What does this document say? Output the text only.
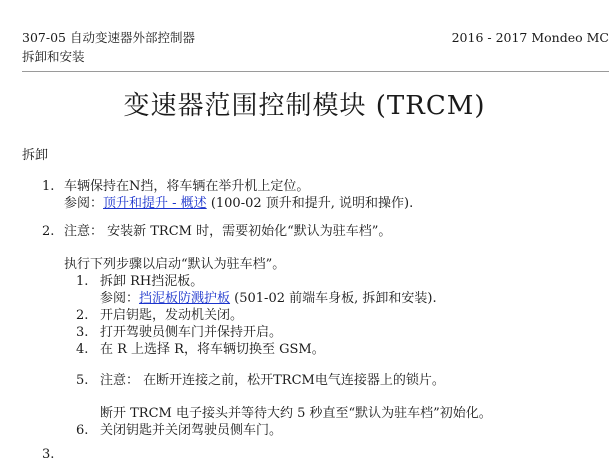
307-05 自动变速器外部控制器
拆卸和安装
2016 - 2017 Mondeo MC
变速器范围控制模块 (TRCM)
拆卸
1. 车辆保持在N挡，将车辆在举升机上定位。
参阅：顶升和提升 - 概述 (100-02 顶升和提升, 说明和操作).
2. 注意： 安装新 TRCM 时，需要初始化“默认为驻车档”。
执行下列步骤以启动“默认为驻车档”。
1. 拆卸 RH挡泥板。
参阅：挡泥板防溅护板 (501-02 前端车身板, 拆卸和安装).
2. 开启钥匙，发动机关闭。
3. 打开驾驶员侧车门并保持开启。
4. 在 R 上选择 R，将车辆切换至 GSM。
5. 注意： 在断开连接之前，松开TRCM电气连接器上的锁片。
断开 TRCM 电子接头并等待大约 5 秒直至“默认为驻车档”初始化。
6. 关闭钥匙并关闭驾驶员侧车门。
3.
